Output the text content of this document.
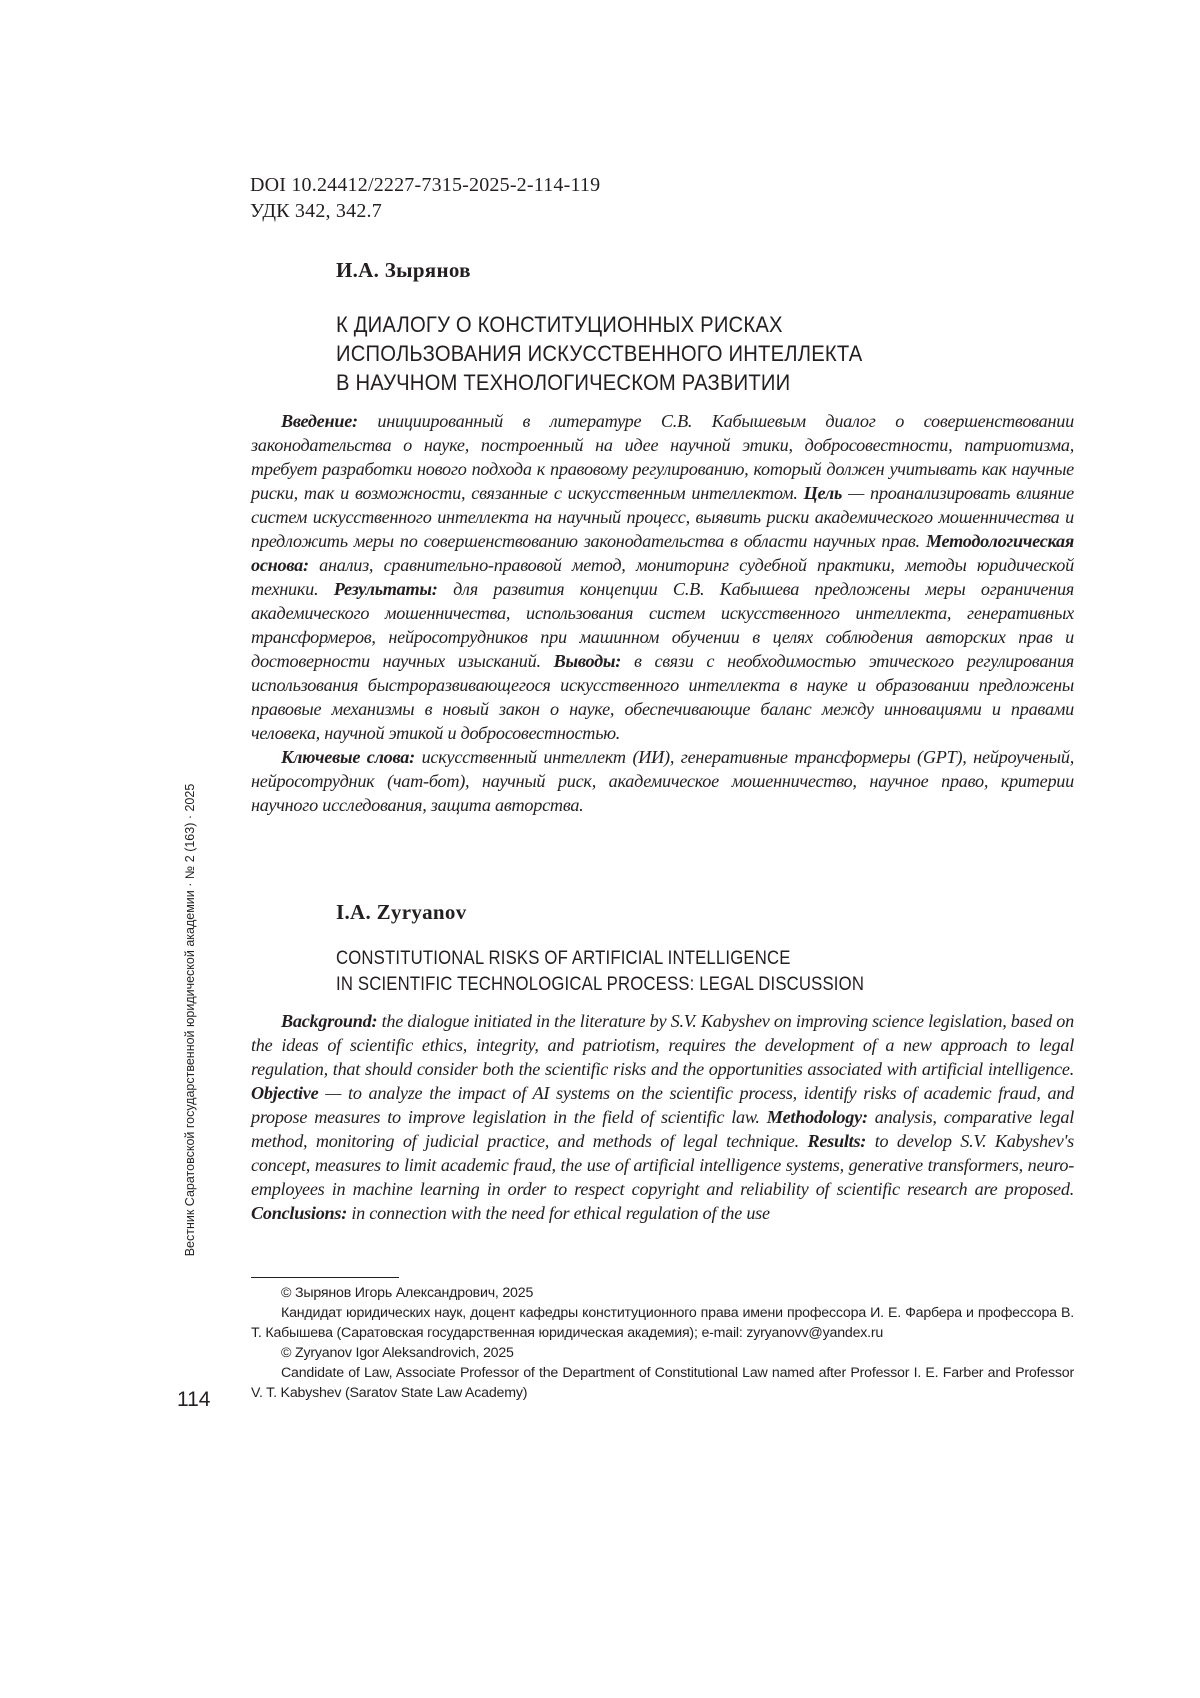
DOI 10.24412/2227-7315-2025-2-114-119
УДК 342, 342.7
И.А. Зырянов
К ДИАЛОГУ О КОНСТИТУЦИОННЫХ РИСКАХ
ИСПОЛЬЗОВАНИЯ ИСКУССТВЕННОГО ИНТЕЛЛЕКТА
В НАУЧНОМ ТЕХНОЛОГИЧЕСКОМ РАЗВИТИИ

Введение: инициированный в литературе С.В. Кабышевым диалог о совершенствовании законодательства о науке, построенный на идее научной этики, добросовестности, патриотизма, требует разработки нового подхода к правовому регулированию, который должен учитывать как научные риски, так и возможности, связанные с искусственным интеллектом. Цель — проанализировать влияние систем искусственного интеллекта на научный процесс, выявить риски академического мошенничества и предложить меры по совершенствованию законодательства в области научных прав. Методологическая основа: анализ, сравнительно-правовой метод, мониторинг судебной практики, методы юридической техники. Результаты: для развития концепции С.В. Кабышева предложены меры ограничения академического мошенничества, использования систем искусственного интеллекта, генеративных трансформеров, нейросотрудников при машинном обучении в целях соблюдения авторских прав и достоверности научных изысканий. Выводы: в связи с необходимостью этического регулирования использования быстроразвивающегося искусственного интеллекта в науке и образовании предложены правовые механизмы в новый закон о науке, обеспечивающие баланс между инновациями и правами человека, научной этикой и добросовестностью.

Ключевые слова: искусственный интеллект (ИИ), генеративные трансформеры (GPT), нейроученый, нейросотрудник (чат-бот), научный риск, академическое мошенничество, научное право, критерии научного исследования, защита авторства.

I.A. Zyryanov
CONSTITUTIONAL RISKS OF ARTIFICIAL INTELLIGENCE
IN SCIENTIFIC TECHNOLOGICAL PROCESS: LEGAL DISCUSSION

Background: the dialogue initiated in the literature by S.V. Kabyshev on improving science legislation, based on the ideas of scientific ethics, integrity, and patriotism, requires the development of a new approach to legal regulation, that should consider both the scientific risks and the opportunities associated with artificial intelligence. Objective — to analyze the impact of AI systems on the scientific process, identify risks of academic fraud, and propose measures to improve legislation in the field of scientific law. Methodology: analysis, comparative legal method, monitoring of judicial practice, and methods of legal technique. Results: to develop S.V. Kabyshev's concept, measures to limit academic fraud, the use of artificial intelligence systems, generative transformers, neuro-employees in machine learning in order to respect copyright and reliability of scientific research are proposed. Conclusions: in connection with the need for ethical regulation of the use

© Зырянов Игорь Александрович, 2025

Кандидат юридических наук, доцент кафедры конституционного права имени профессора И. Е. Фарбера и профессора В. Т. Кабышева (Саратовская государственная юридическая академия); e-mail: zyryanovv@yandex.ru

© Zyryanov Igor Aleksandrovich, 2025

Candidate of Law, Associate Professor of the Department of Constitutional Law named after Professor I. E. Farber and Professor V. T. Kabyshev (Saratov State Law Academy)

Вестник Саратовской государственной юридической академии · № 2 (163) · 2025
114
